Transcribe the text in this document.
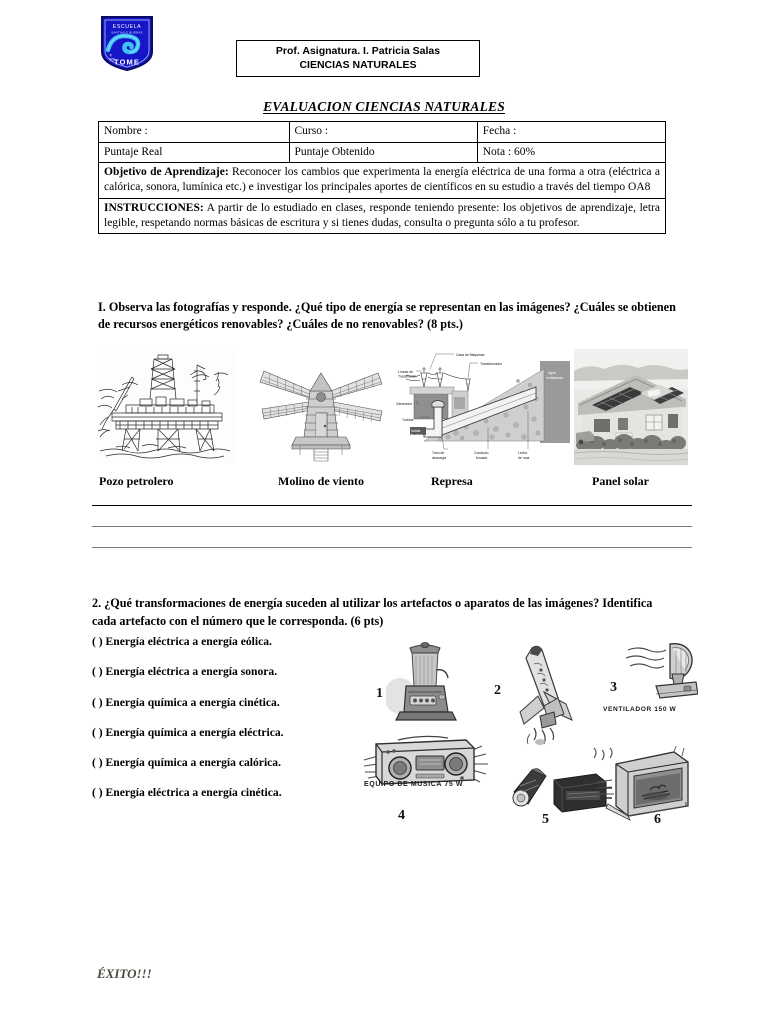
ESCUELA
SANTIAGO BUERAS
P.
405 TOME
Prof. Asignatura. I. Patricia Salas
CIENCIAS NATURALES
EVALUACION CIENCIAS NATURALES
Nombre :	Curso :	Fecha :
Puntaje Real	Puntaje Obtenido	Nota : 60%
Objetivo de Aprendizaje: Reconocer los cambios que experimenta la energía eléctrica de una forma a otra (eléctrica a calórica, sonora, lumínica etc.) e investigar los principales aportes de científicos en su estudio a través del tiempo OA8		
INSTRUCCIONES: A partir de lo estudiado en clases, responde teniendo presente: los objetivos de aprendizaje, letra legible, respetando normas básicas de escritura y si tienes dudas, consulta o pregunta sólo a tu profesor.		
I. Observa las fotografías y responde. ¿Qué tipo de energía se representan en las imágenes? ¿Cuáles se obtienen de recursos energéticos renovables? ¿Cuáles de no renovables? (8 pts.)
Casa de Máquinas
Transformador
Líneas de
Transmisión
Agua
embalsada
Generador
Turbina
Salida
de agua
Tubo de
descarga
Conducto
forzado
Lecho
de roca
Pozo petrolero	Molino de viento	Represa	Panel solar
2. ¿Qué transformaciones de energía suceden al utilizar los artefactos o aparatos de las imágenes? Identifica cada artefacto con el número que le corresponda. (6 pts)
( ) Energía eléctrica a energía eólica.
( ) Energía eléctrica a energía sonora.
( ) Energía química a energía cinética.
( ) Energía química a energía eléctrica.
( ) Energía química a energía calórica.
( ) Energía eléctrica a energía cinética.
1	2	3
VENTILADOR 150 W
4
EQUIPO DE MUSICA 75 W
5	6
ÉXITO!!!
